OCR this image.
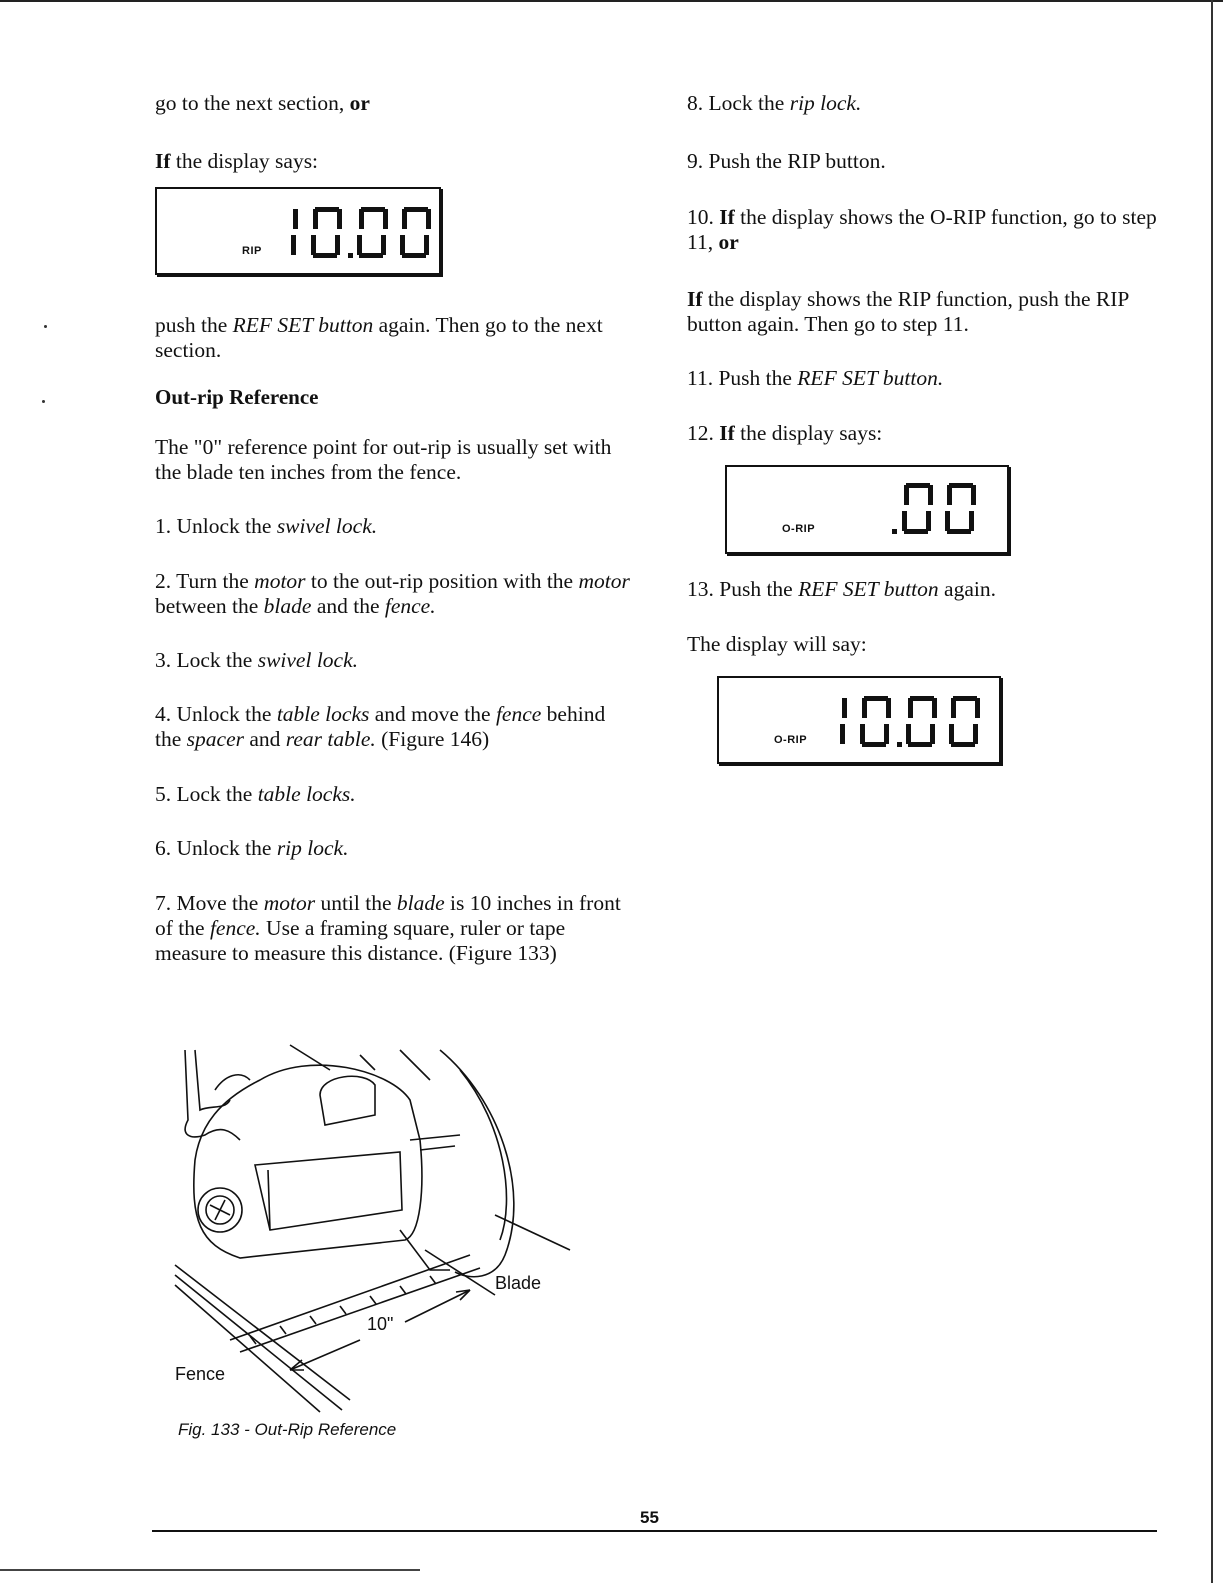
go to the next section, or

If the display says:

RIP

push the REF SET button again. Then go to the next section.

Out-rip Reference

The "0" reference point for out-rip is usually set with the blade ten inches from the fence.

1. Unlock the swivel lock.

2. Turn the motor to the out-rip position with the motor between the blade and the fence.

3. Lock the swivel lock.

4. Unlock the table locks and move the fence behind the spacer and rear table. (Figure 146)

5. Lock the table locks.

6. Unlock the rip lock.

7. Move the motor until the blade is 10 inches in front of the fence. Use a framing square, ruler or tape measure to measure this distance. (Figure 133)

8. Lock the rip lock.

9. Push the RIP button.

10. If the display shows the O-RIP function, go to step 11, or

If the display shows the RIP function, push the RIP button again. Then go to step 11.

11. Push the REF SET button.

12. If the display says:

O-RIP

13. Push the REF SET button again.

The display will say:

O-RIP
Blade
Fence
10"
Fig. 133 - Out-Rip Reference
55
